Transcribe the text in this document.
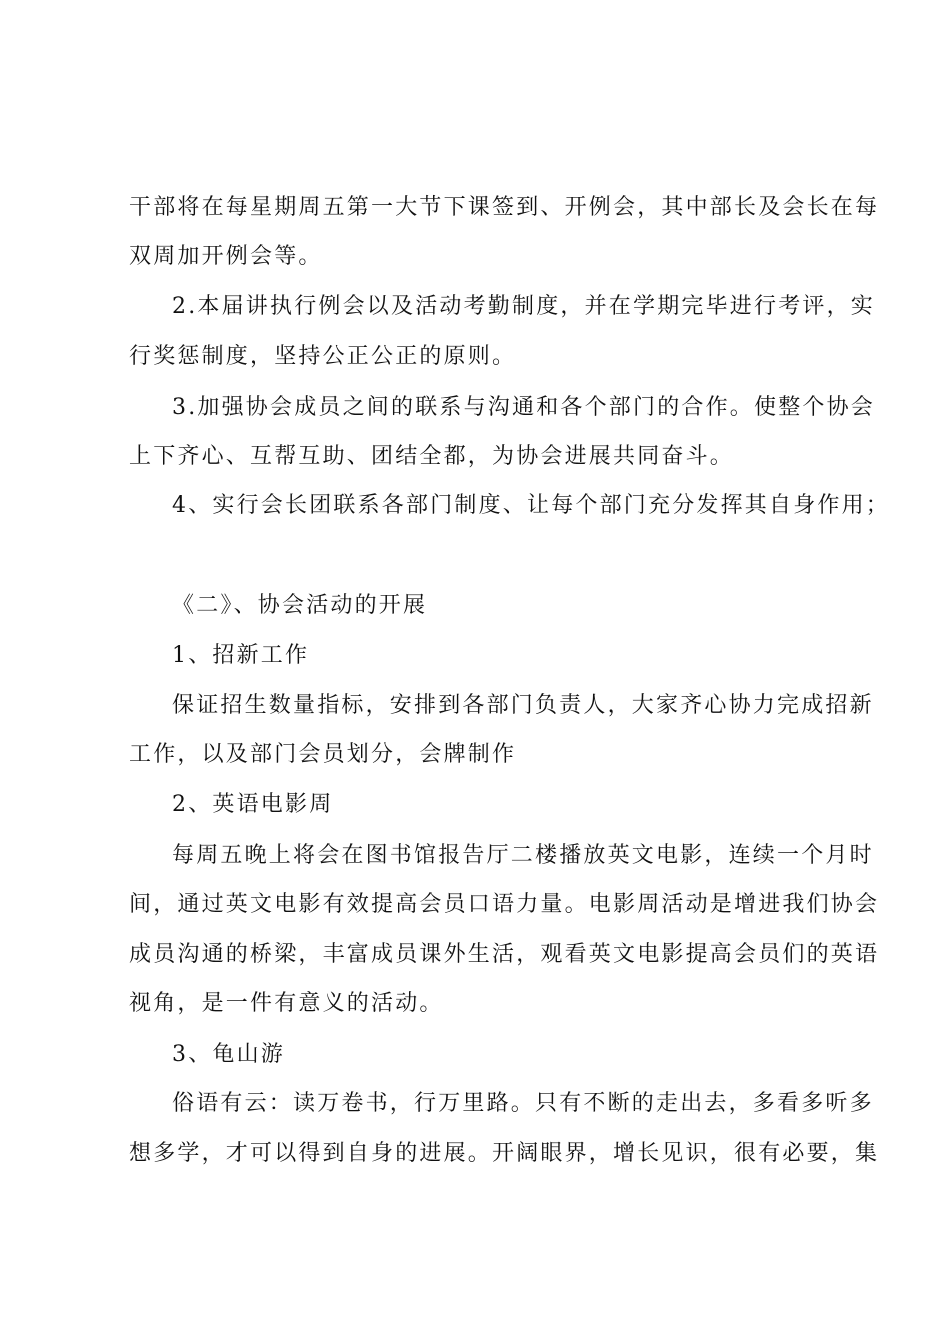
干部将在每星期周五第一大节下课签到、开例会，其中部长及会长在每
双周加开例会等。
2.本届讲执行例会以及活动考勤制度，并在学期完毕进行考评，实
行奖惩制度，坚持公正公正的原则。
3.加强协会成员之间的联系与沟通和各个部门的合作。使整个协会
上下齐心、互帮互助、团结全都，为协会进展共同奋斗。
4、实行会长团联系各部门制度、让每个部门充分发挥其自身作用；
《二》、协会活动的开展
1、招新工作
保证招生数量指标，安排到各部门负责人，大家齐心协力完成招新
工作，以及部门会员划分，会牌制作
2、英语电影周
每周五晚上将会在图书馆报告厅二楼播放英文电影，连续一个月时
间，通过英文电影有效提高会员口语力量。电影周活动是增进我们协会
成员沟通的桥梁，丰富成员课外生活，观看英文电影提高会员们的英语
视角，是一件有意义的活动。
3、龟山游
俗语有云：读万卷书，行万里路。只有不断的走出去，多看多听多
想多学，才可以得到自身的进展。开阔眼界，增长见识，很有必要，集
